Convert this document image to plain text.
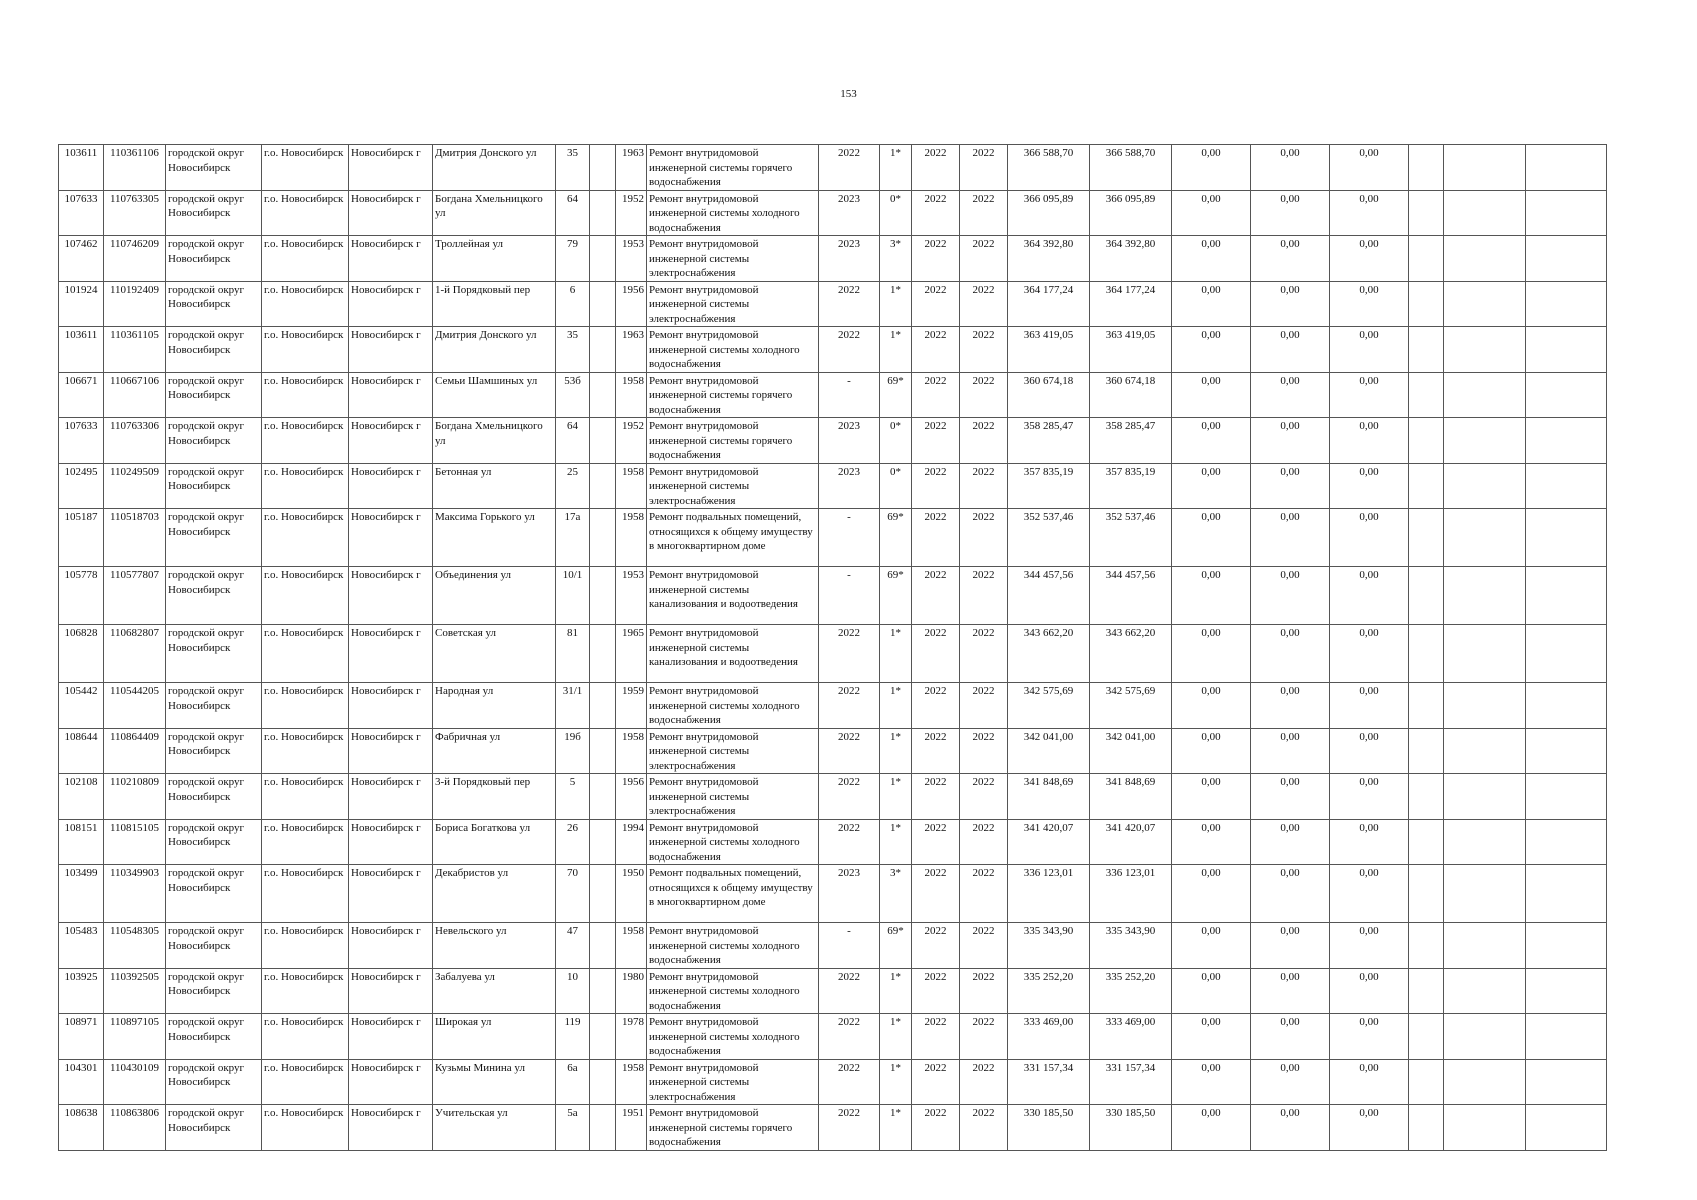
153
103611	110361106	городской округ Новосибирск	г.о. Новосибирск	Новосибирск г	Дмитрия Донского ул	35		1963	Ремонт внутридомовой инженерной системы горячего водоснабжения	2022	1*	2022	2022	366 588,70	366 588,70	0,00	0,00	0,00			
107633	110763305	городской округ Новосибирск	г.о. Новосибирск	Новосибирск г	Богдана Хмельницкого ул	64		1952	Ремонт внутридомовой инженерной системы холодного водоснабжения	2023	0*	2022	2022	366 095,89	366 095,89	0,00	0,00	0,00			
107462	110746209	городской округ Новосибирск	г.о. Новосибирск	Новосибирск г	Троллейная ул	79		1953	Ремонт внутридомовой инженерной системы электроснабжения	2023	3*	2022	2022	364 392,80	364 392,80	0,00	0,00	0,00			
101924	110192409	городской округ Новосибирск	г.о. Новосибирск	Новосибирск г	1-й Порядковый пер	6		1956	Ремонт внутридомовой инженерной системы электроснабжения	2022	1*	2022	2022	364 177,24	364 177,24	0,00	0,00	0,00			
103611	110361105	городской округ Новосибирск	г.о. Новосибирск	Новосибирск г	Дмитрия Донского ул	35		1963	Ремонт внутридомовой инженерной системы холодного водоснабжения	2022	1*	2022	2022	363 419,05	363 419,05	0,00	0,00	0,00			
106671	110667106	городской округ Новосибирск	г.о. Новосибирск	Новосибирск г	Семьи Шамшиных ул	53б		1958	Ремонт внутридомовой инженерной системы горячего водоснабжения	-	69*	2022	2022	360 674,18	360 674,18	0,00	0,00	0,00			
107633	110763306	городской округ Новосибирск	г.о. Новосибирск	Новосибирск г	Богдана Хмельницкого ул	64		1952	Ремонт внутридомовой инженерной системы горячего водоснабжения	2023	0*	2022	2022	358 285,47	358 285,47	0,00	0,00	0,00			
102495	110249509	городской округ Новосибирск	г.о. Новосибирск	Новосибирск г	Бетонная ул	25		1958	Ремонт внутридомовой инженерной системы электроснабжения	2023	0*	2022	2022	357 835,19	357 835,19	0,00	0,00	0,00			
105187	110518703	городской округ Новосибирск	г.о. Новосибирск	Новосибирск г	Максима Горького ул	17а		1958	Ремонт подвальных помещений, относящихся к общему имуществу в многоквартирном доме	-	69*	2022	2022	352 537,46	352 537,46	0,00	0,00	0,00			
105778	110577807	городской округ Новосибирск	г.о. Новосибирск	Новосибирск г	Объединения ул	10/1		1953	Ремонт внутридомовой инженерной системы канализования и водоотведения	-	69*	2022	2022	344 457,56	344 457,56	0,00	0,00	0,00			
106828	110682807	городской округ Новосибирск	г.о. Новосибирск	Новосибирск г	Советская ул	81		1965	Ремонт внутридомовой инженерной системы канализования и водоотведения	2022	1*	2022	2022	343 662,20	343 662,20	0,00	0,00	0,00			
105442	110544205	городской округ Новосибирск	г.о. Новосибирск	Новосибирск г	Народная ул	31/1		1959	Ремонт внутридомовой инженерной системы холодного водоснабжения	2022	1*	2022	2022	342 575,69	342 575,69	0,00	0,00	0,00			
108644	110864409	городской округ Новосибирск	г.о. Новосибирск	Новосибирск г	Фабричная ул	19б		1958	Ремонт внутридомовой инженерной системы электроснабжения	2022	1*	2022	2022	342 041,00	342 041,00	0,00	0,00	0,00			
102108	110210809	городской округ Новосибирск	г.о. Новосибирск	Новосибирск г	3-й Порядковый пер	5		1956	Ремонт внутридомовой инженерной системы электроснабжения	2022	1*	2022	2022	341 848,69	341 848,69	0,00	0,00	0,00			
108151	110815105	городской округ Новосибирск	г.о. Новосибирск	Новосибирск г	Бориса Богаткова ул	26		1994	Ремонт внутридомовой инженерной системы холодного водоснабжения	2022	1*	2022	2022	341 420,07	341 420,07	0,00	0,00	0,00			
103499	110349903	городской округ Новосибирск	г.о. Новосибирск	Новосибирск г	Декабристов ул	70		1950	Ремонт подвальных помещений, относящихся к общему имуществу в многоквартирном доме	2023	3*	2022	2022	336 123,01	336 123,01	0,00	0,00	0,00			
105483	110548305	городской округ Новосибирск	г.о. Новосибирск	Новосибирск г	Невельского ул	47		1958	Ремонт внутридомовой инженерной системы холодного водоснабжения	-	69*	2022	2022	335 343,90	335 343,90	0,00	0,00	0,00			
103925	110392505	городской округ Новосибирск	г.о. Новосибирск	Новосибирск г	Забалуева ул	10		1980	Ремонт внутридомовой инженерной системы холодного водоснабжения	2022	1*	2022	2022	335 252,20	335 252,20	0,00	0,00	0,00			
108971	110897105	городской округ Новосибирск	г.о. Новосибирск	Новосибирск г	Широкая ул	119		1978	Ремонт внутридомовой инженерной системы холодного водоснабжения	2022	1*	2022	2022	333 469,00	333 469,00	0,00	0,00	0,00			
104301	110430109	городской округ Новосибирск	г.о. Новосибирск	Новосибирск г	Кузьмы Минина ул	6а		1958	Ремонт внутридомовой инженерной системы электроснабжения	2022	1*	2022	2022	331 157,34	331 157,34	0,00	0,00	0,00			
108638	110863806	городской округ Новосибирск	г.о. Новосибирск	Новосибирск г	Учительская ул	5а		1951	Ремонт внутридомовой инженерной системы горячего водоснабжения	2022	1*	2022	2022	330 185,50	330 185,50	0,00	0,00	0,00			
